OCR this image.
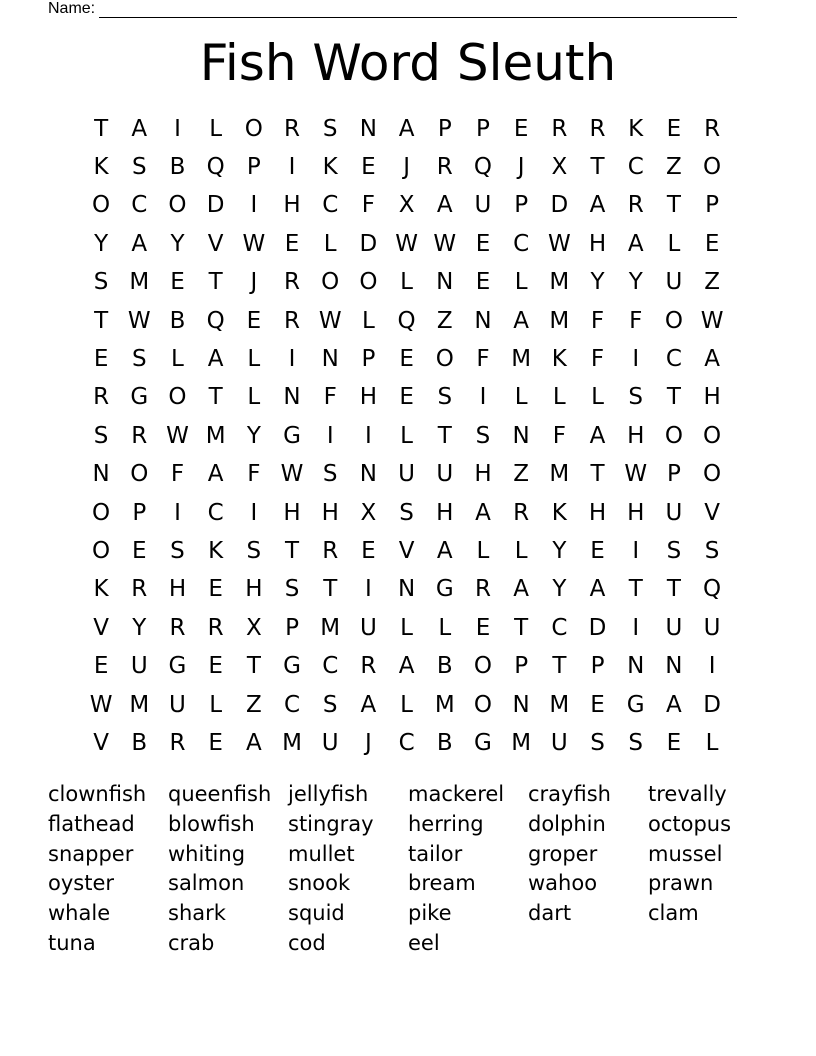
Name:
Fish Word Sleuth
T	A	I	L O R S N A	P	P	E R R K	E R
K	S	B Q P	I	K	E	J	R Q	J	X	T	C Z O
O C O D	I	H C	F	X A U P D A R	T	P
Y	A	Y	V W E	L D W W E C W H A	L	E
S M E	T	J	R O O L	N E	L M Y	Y U Z
T W B Q E R W L Q Z N A M F	F O W
E	S	L	A	L	I	N P	E O F M K	F	I	C A
R G O T	L	N F H E	S	I	L	L	L	S	T H
S R W M Y G	I	I	L	T	S N F	A H O O
N O F	A	F W S N U U H Z M T W P O
O P	I	C	I	H H X	S H A R K H H U V
O E	S	K	S	T	R E	V A	L	L	Y	E	I	S	S
K R H E H S	T	I	N G R A	Y	A	T	T Q
V	Y	R R X	P M U	L	L	E	T	C D	I	U U
E U G E	T G C R A B O P	T	P N N	I
W M U	L	Z C S	A	L M O N M E G A D
V B R E	A M U	J	C B G M U S	S	E	L
clownfish	queenfish jellyfish	mackerel	crayfish	trevally
flathead	blowfish	stingray	herring	dolphin	octopus
snapper	whiting	mullet	tailor	groper	mussel
oyster	salmon	snook	bream	wahoo	prawn
whale	shark	squid	pike	dart	clam
tuna	crab	cod	eel
